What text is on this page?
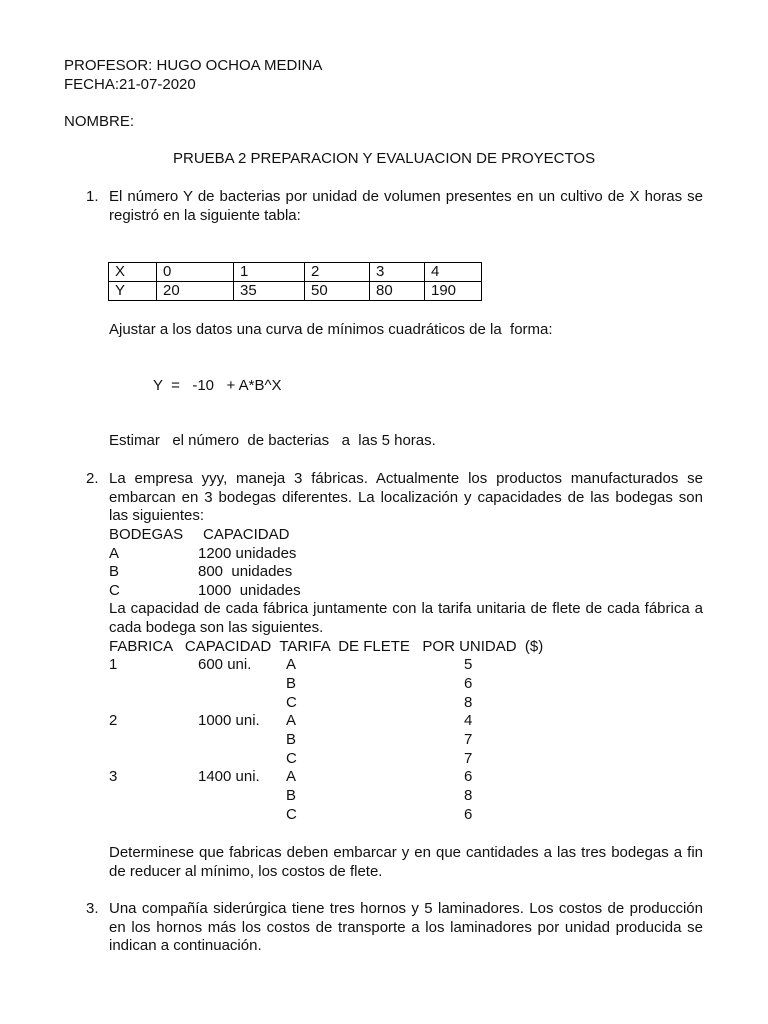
PROFESOR: HUGO OCHOA MEDINA
FECHA:21-07-2020
NOMBRE:
PRUEBA 2 PREPARACION Y EVALUACION DE PROYECTOS
1. El número Y de bacterias por unidad de volumen presentes en un cultivo de X horas se registró en la siguiente tabla:
X	0	1	2	3	4
Y	20	35	50	80	190
Ajustar a los datos una curva de mínimos cuadráticos de la  forma:
Y  =   -10   + A*B^X
Estimar   el número  de bacterias   a  las 5 horas.
2. La empresa yyy, maneja 3 fábricas. Actualmente los productos manufacturados se embarcan en 3 bodegas diferentes. La localización y capacidades de las bodegas son las siguientes:
BODEGAS CAPACIDAD
A	1200 unidades
B	800  unidades
C	1000  unidades
La capacidad de cada fábrica juntamente con la tarifa unitaria de flete de cada fábrica a cada bodega son las siguientes.
FABRICA   CAPACIDAD  TARIFA  DE FLETE   POR UNIDAD  ($)
1	600 uni. A	5
B	6
C	8
2	1000 uni. A	4
B	7
C	7
3	1400 uni. A	6
B	8
C	6
Determinese que fabricas deben embarcar y en que cantidades a las tres bodegas a fin de reducer al mínimo, los costos de flete.
3. Una compañía siderúrgica tiene tres hornos y 5 laminadores. Los costos de producción en los hornos más los costos de transporte a los laminadores por unidad producida se indican a continuación.
